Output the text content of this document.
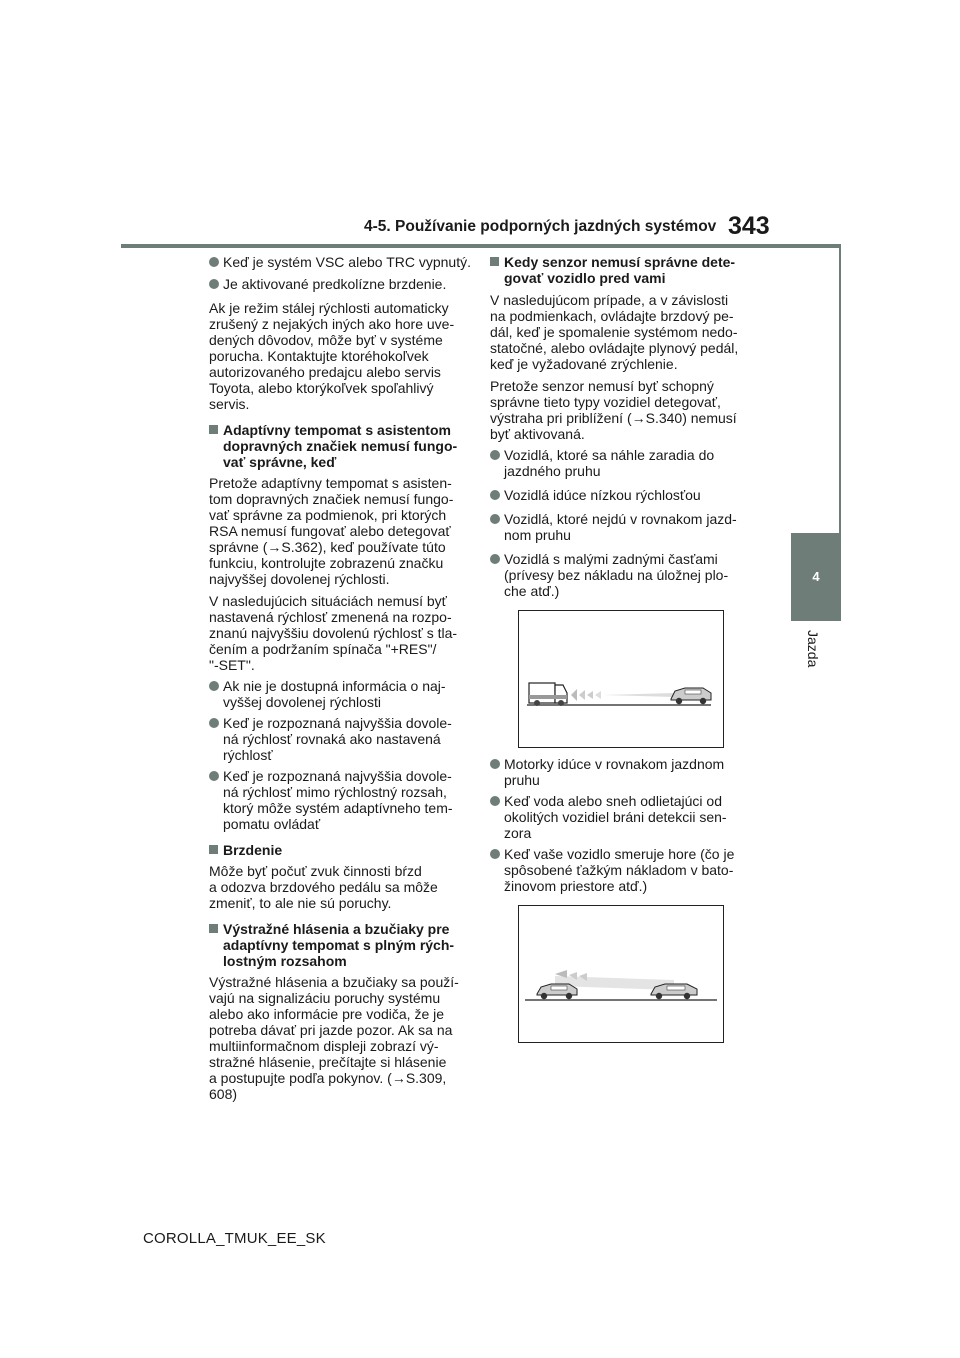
4-5. Používanie podporných jazdných systémov 343
4
Jazda

Keď je systém VSC alebo TRC vypnutý.

Je aktivované predkolízne brzdenie.

Ak je režim stálej rýchlosti automaticky
zrušený z nejakých iných ako hore uve-
dených dôvodov, môže byť v systéme
porucha. Kontaktujte ktoréhokoľvek
autorizovaného predajcu alebo servis
Toyota, alebo ktorýkoľvek spoľahlivý
servis.

Adaptívny tempomat s asistentom
dopravných značiek nemusí fungo-
vať správne, keď

Pretože adaptívny tempomat s asisten-
tom dopravných značiek nemusí fungo-
vať správne za podmienok, pri ktorých
RSA nemusí fungovať alebo detegovať
správne (→S.362), keď používate túto
funkciu, kontrolujte zobrazenú značku
najvyššej dovolenej rýchlosti.

V nasledujúcich situáciách nemusí byť
nastavená rýchlosť zmenená na rozpo-
znanú najvyššiu dovolenú rýchlosť s tla-
čením a podržaním spínača "+RES"/
"-SET".

Ak nie je dostupná informácia o naj-
vyššej dovolenej rýchlosti

Keď je rozpoznaná najvyššia dovole-
ná rýchlosť rovnaká ako nastavená
rýchlosť

Keď je rozpoznaná najvyššia dovole-
ná rýchlosť mimo rýchlostný rozsah,
ktorý môže systém adaptívneho tem-
pomatu ovládať

Brzdenie

Môže byť počuť zvuk činnosti bŕzd
a odozva brzdového pedálu sa môže
zmeniť, to ale nie sú poruchy.

Výstražné hlásenia a bzučiaky pre
adaptívny tempomat s plným rých-
lostným rozsahom

Výstražné hlásenia a bzučiaky sa použí-
vajú na signalizáciu poruchy systému
alebo ako informácie pre vodiča, že je
potreba dávať pri jazde pozor. Ak sa na
multiinformačnom displeji zobrazí vý-
stražné hlásenie, prečítajte si hlásenie
a postupujte podľa pokynov. (→S.309,
608)

Kedy senzor nemusí správne dete-
govať vozidlo pred vami

V nasledujúcom prípade, a v závislosti
na podmienkach, ovládajte brzdový pe-
dál, keď je spomalenie systémom nedo-
statočné, alebo ovládajte plynový pedál,
keď je vyžadované zrýchlenie.

Pretože senzor nemusí byť schopný
správne tieto typy vozidiel detegovať,
výstraha pri priblížení (→S.340) nemusí
byť aktivovaná.

Vozidlá, ktoré sa náhle zaradia do
jazdného pruhu

Vozidlá idúce nízkou rýchlosťou

Vozidlá, ktoré nejdú v rovnakom jazd-
nom pruhu

Vozidlá s malými zadnými časťami
(prívesy bez nákladu na úložnej plo-
che atď.)

Motorky idúce v rovnakom jazdnom
pruhu

Keď voda alebo sneh odlietajúci od
okolitých vozidiel bráni detekcii sen-
zora

Keď vaše vozidlo smeruje hore (čo je
spôsobené ťažkým nákladom v bato-
žinovom priestore atď.)

COROLLA_TMUK_EE_SK
